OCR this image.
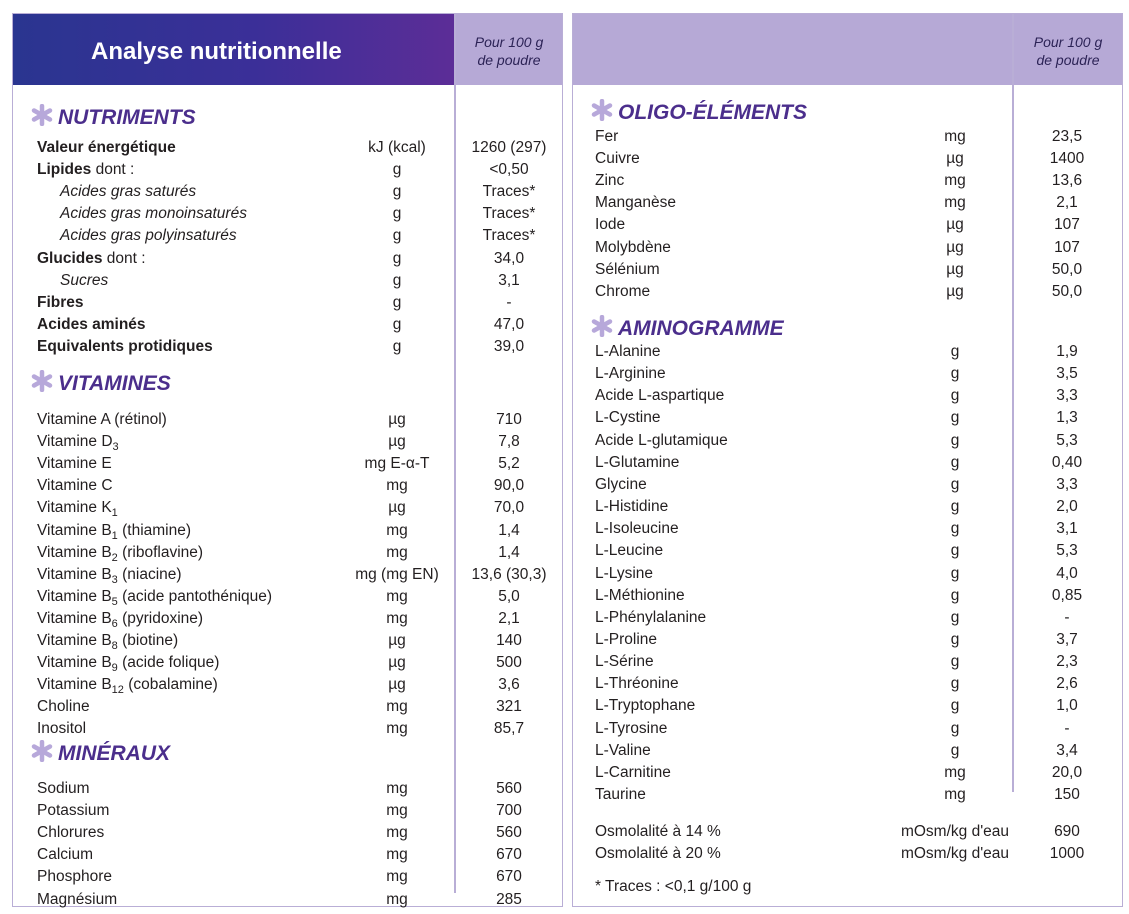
Analyse nutritionnelle	Pour 100 g
de poudre
NUTRIMENTS
Valeur énergétique	kJ (kcal)	1260 (297)
Lipides dont :	g	<0,50
Acides gras saturés	g	Traces*
Acides gras monoinsaturés	g	Traces*
Acides gras polyinsaturés	g	Traces*
Glucides dont :	g	34,0
Sucres	g	3,1
Fibres	g	-
Acides aminés	g	47,0
Equivalents protidiques	g	39,0
VITAMINES
Vitamine A (rétinol)	µg	710
Vitamine $D_3$	µg	7,8
Vitamine E	mg E-α-T	5,2
Vitamine C	mg	90,0
Vitamine $K_1$	µg	70,0
Vitamine $B_1$ (thiamine)	mg	1,4
Vitamine $B_2$ (riboflavine)	mg	1,4
Vitamine $B_3$ (niacine)	mg (mg EN)	13,6 (30,3)
Vitamine $B_5$ (acide pantothénique)	mg	5,0
Vitamine $B_6$ (pyridoxine)	mg	2,1
Vitamine $B_8$ (biotine)	µg	140
Vitamine $B_9$ (acide folique)	µg	500
Vitamine $B_{12}$ (cobalamine)	µg	3,6
Choline	mg	321
Inositol	mg	85,7
MINÉRAUX
Sodium	mg	560
Potassium	mg	700
Chlorures	mg	560
Calcium	mg	670
Phosphore	mg	670
Magnésium	mg	285
Pour 100 g
de poudre
OLIGO-ÉLÉMENTS
Fer	mg	23,5
Cuivre	µg	1400
Zinc	mg	13,6
Manganèse	mg	2,1
Iode	µg	107
Molybdène	µg	107
Sélénium	µg	50,0
Chrome	µg	50,0
AMINOGRAMME
L-Alanine	g	1,9
L-Arginine	g	3,5
Acide L-aspartique	g	3,3
L-Cystine	g	1,3
Acide L-glutamique	g	5,3
L-Glutamine	g	0,40
Glycine	g	3,3
L-Histidine	g	2,0
L-Isoleucine	g	3,1
L-Leucine	g	5,3
L-Lysine	g	4,0
L-Méthionine	g	0,85
L-Phénylalanine	g	-
L-Proline	g	3,7
L-Sérine	g	2,3
L-Thréonine	g	2,6
L-Tryptophane	g	1,0
L-Tyrosine	g	-
L-Valine	g	3,4
L-Carnitine	mg	20,0
Taurine	mg	150
Osmolalité à 14 %	mOsm/kg d'eau	690
Osmolalité à 20 %	mOsm/kg d'eau	1000
* Traces : <0,1 g/100 g
